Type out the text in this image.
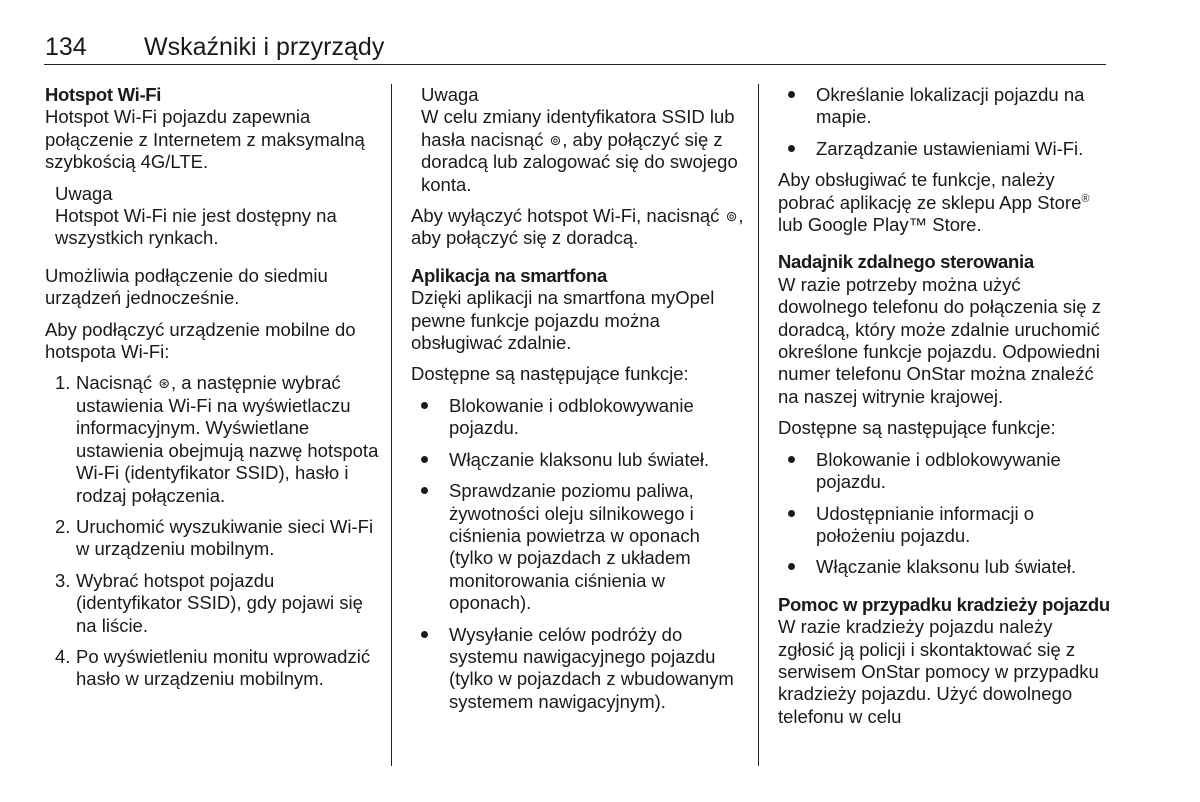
134 Wskaźniki i przyrządy

Hotspot Wi-Fi

Hotspot Wi-Fi pojazdu zapewnia połączenie z Internetem z maksymalną szybkością 4G/LTE.

Uwaga

Hotspot Wi-Fi nie jest dostępny na wszystkich rynkach.

Umożliwia podłączenie do siedmiu urządzeń jednocześnie.

Aby podłączyć urządzenie mobilne do hotspota Wi-Fi:

1. Nacisnąć ⊛, a następnie wybrać ustawienia Wi-Fi na wyświetlaczu informacyjnym. Wyświetlane ustawienia obejmują nazwę hotspota Wi-Fi (identyfikator SSID), hasło i rodzaj połączenia.
2. Uruchomić wyszukiwanie sieci Wi-Fi w urządzeniu mobilnym.
3. Wybrać hotspot pojazdu (identyfikator SSID), gdy pojawi się na liście.
4. Po wyświetleniu monitu wprowadzić hasło w urządzeniu mobilnym.

Uwaga

W celu zmiany identyfikatora SSID lub hasła nacisnąć ⊚, aby połączyć się z doradcą lub zalogować się do swojego konta.

Aby wyłączyć hotspot Wi-Fi, nacisnąć ⊚, aby połączyć się z doradcą.

Aplikacja na smartfona

Dzięki aplikacji na smartfona myOpel pewne funkcje pojazdu można obsługiwać zdalnie.

Dostępne są następujące funkcje:

Blokowanie i odblokowywanie pojazdu.
Włączanie klaksonu lub świateł.
Sprawdzanie poziomu paliwa, żywotności oleju silnikowego i ciśnienia powietrza w oponach (tylko w pojazdach z układem monitorowania ciśnienia w oponach).
Wysyłanie celów podróży do systemu nawigacyjnego pojazdu (tylko w pojazdach z wbudowanym systemem nawigacyjnym).
Określanie lokalizacji pojazdu na mapie.
Zarządzanie ustawieniami Wi-Fi.

Aby obsługiwać te funkcje, należy pobrać aplikację ze sklepu App Store® lub Google Play™ Store.

Nadajnik zdalnego sterowania

W razie potrzeby można użyć dowolnego telefonu do połączenia się z doradcą, który może zdalnie uruchomić określone funkcje pojazdu. Odpowiedni numer telefonu OnStar można znaleźć na naszej witrynie krajowej.

Dostępne są następujące funkcje:

Blokowanie i odblokowywanie pojazdu.
Udostępnianie informacji o położeniu pojazdu.
Włączanie klaksonu lub świateł.

Pomoc w przypadku kradzieży pojazdu

W razie kradzieży pojazdu należy zgłosić ją policji i skontaktować się z serwisem OnStar pomocy w przypadku kradzieży pojazdu. Użyć dowolnego telefonu w celu
